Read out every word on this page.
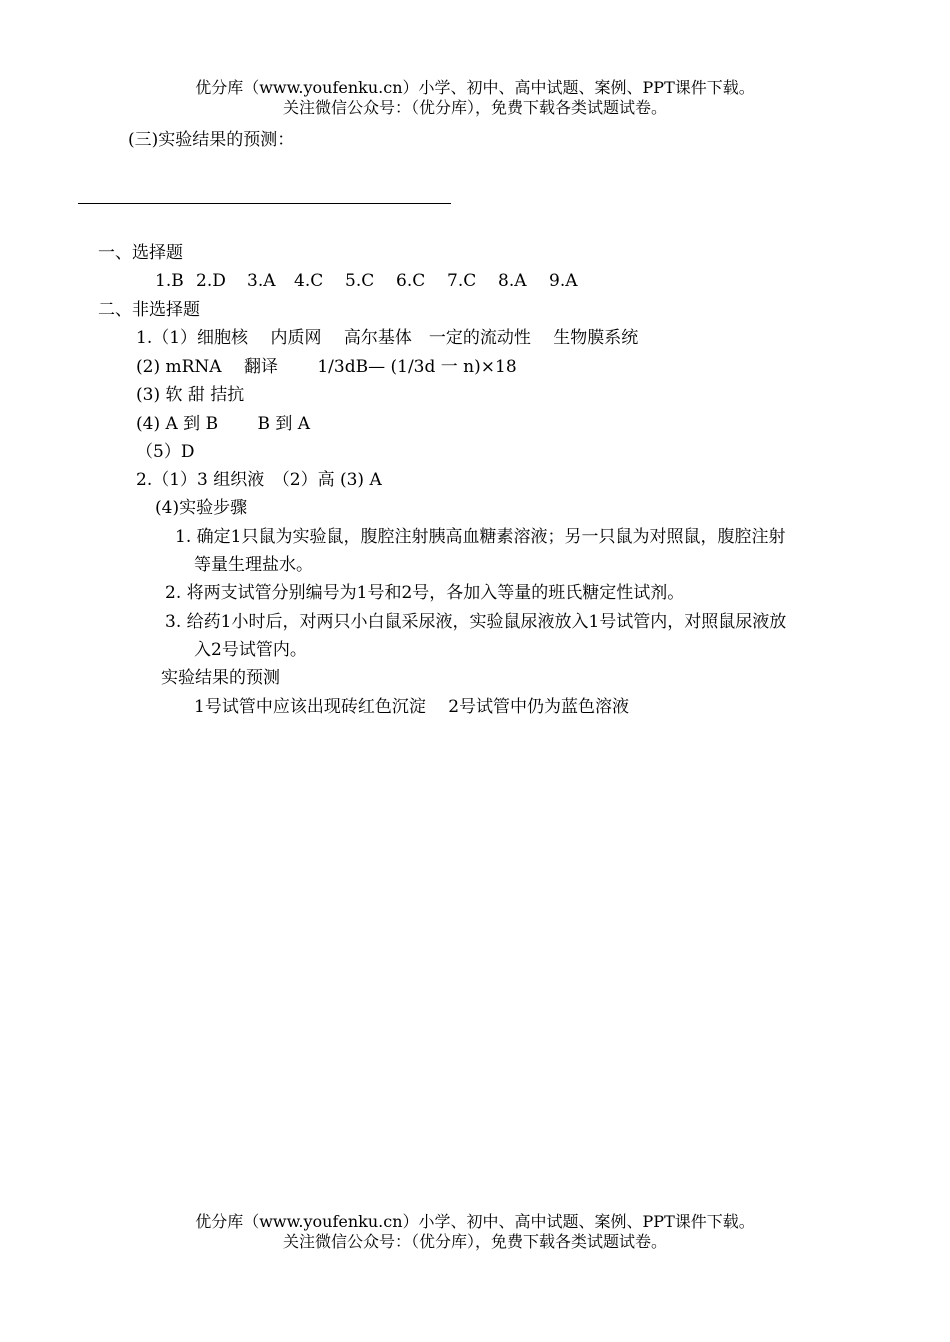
优分库（www.youfenku.cn）小学、初中、高中试题、案例、PPT课件下载。
关注微信公众号：（优分库），免费下载各类试题试卷。
(三)实验结果的预测：
一、选择题
1.B 2.D 3.A 4.C 5.C 6.C 7.C 8.A 9.A
二、非选择题
1.（1）细胞核　 内质网　 高尔基体　一定的流动性　 生物膜系统
(2) mRNA　 翻译　　 1/3dB— (1/3d 一 n)×18
(3) 软 甜 拮抗
(4) A 到 B　　 B 到 A
（5）D
2.（1）3 组织液　（2）高 (3) A
(4)实验步骤
1. 确定1只鼠为实验鼠，腹腔注射胰高血糖素溶液；另一只鼠为对照鼠，腹腔注射
等量生理盐水。
2. 将两支试管分别编号为1号和2号，各加入等量的班氏糖定性试剂。
3. 给药1小时后，对两只小白鼠采尿液，实验鼠尿液放入1号试管内，对照鼠尿液放
入2号试管内。
实验结果的预测
1号试管中应该出现砖红色沉淀　 2号试管中仍为蓝色溶液
优分库（www.youfenku.cn）小学、初中、高中试题、案例、PPT课件下载。
关注微信公众号：（优分库），免费下载各类试题试卷。
